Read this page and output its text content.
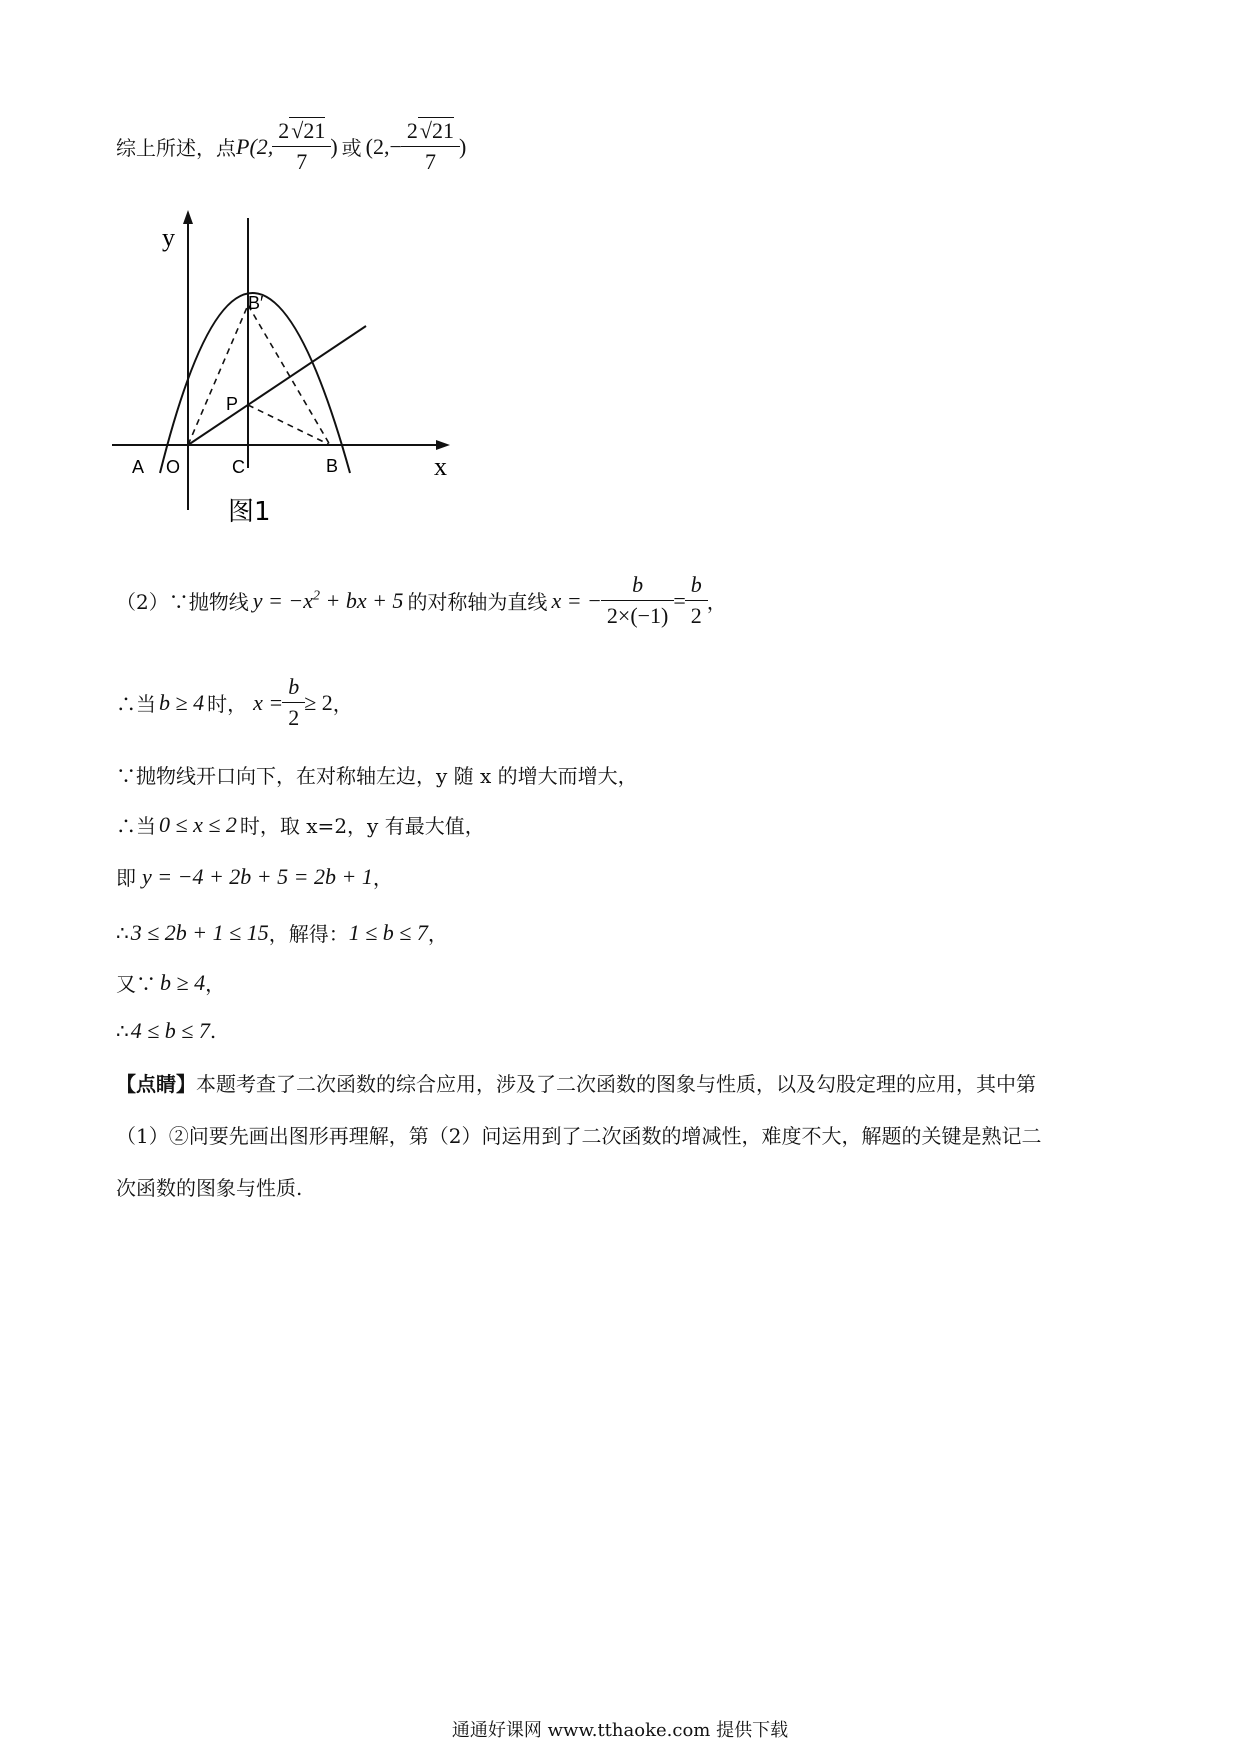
综上所述，点 P(2, $\frac{2√21}{7}$ ) 或 ($2,- \frac{2√21}{7}$ )
y
x
A O	C	B
P
B′
图1
（2）∵抛物线 $y = -x^2$ + bx + 5 的对称轴为直线 x = − $\frac{b}{2\times(-1)} = \frac{b}{2}$ ，
∴当 b ≥ 4 时， $x = \frac{b}{2} \ge 2$ ，
∵抛物线开口向下，在对称轴左边，y 随 x 的增大而增大，
∴当 0 ≤ x ≤ 2 时，取 x=2，y 有最大值，
即 y = −4 + 2b + 5 = 2b + 1 ，
∴ 3 ≤ 2b + 1 ≤ 15 ，解得： 1 ≤ b ≤ 7 ，
又∵ b ≥ 4 ，
∴ 4 ≤ b ≤ 7 .
【点睛】 本题考查了二次函数的综合应用，涉及了二次函数的图象与性质，以及勾股定理的应用，其中第
（1）②问要先画出图形再理解，第（2）问运用到了二次函数的增减性，难度不大，解题的关键是熟记二
次函数的图象与性质.
通通好课网 www.tthaoke.com 提供下载
